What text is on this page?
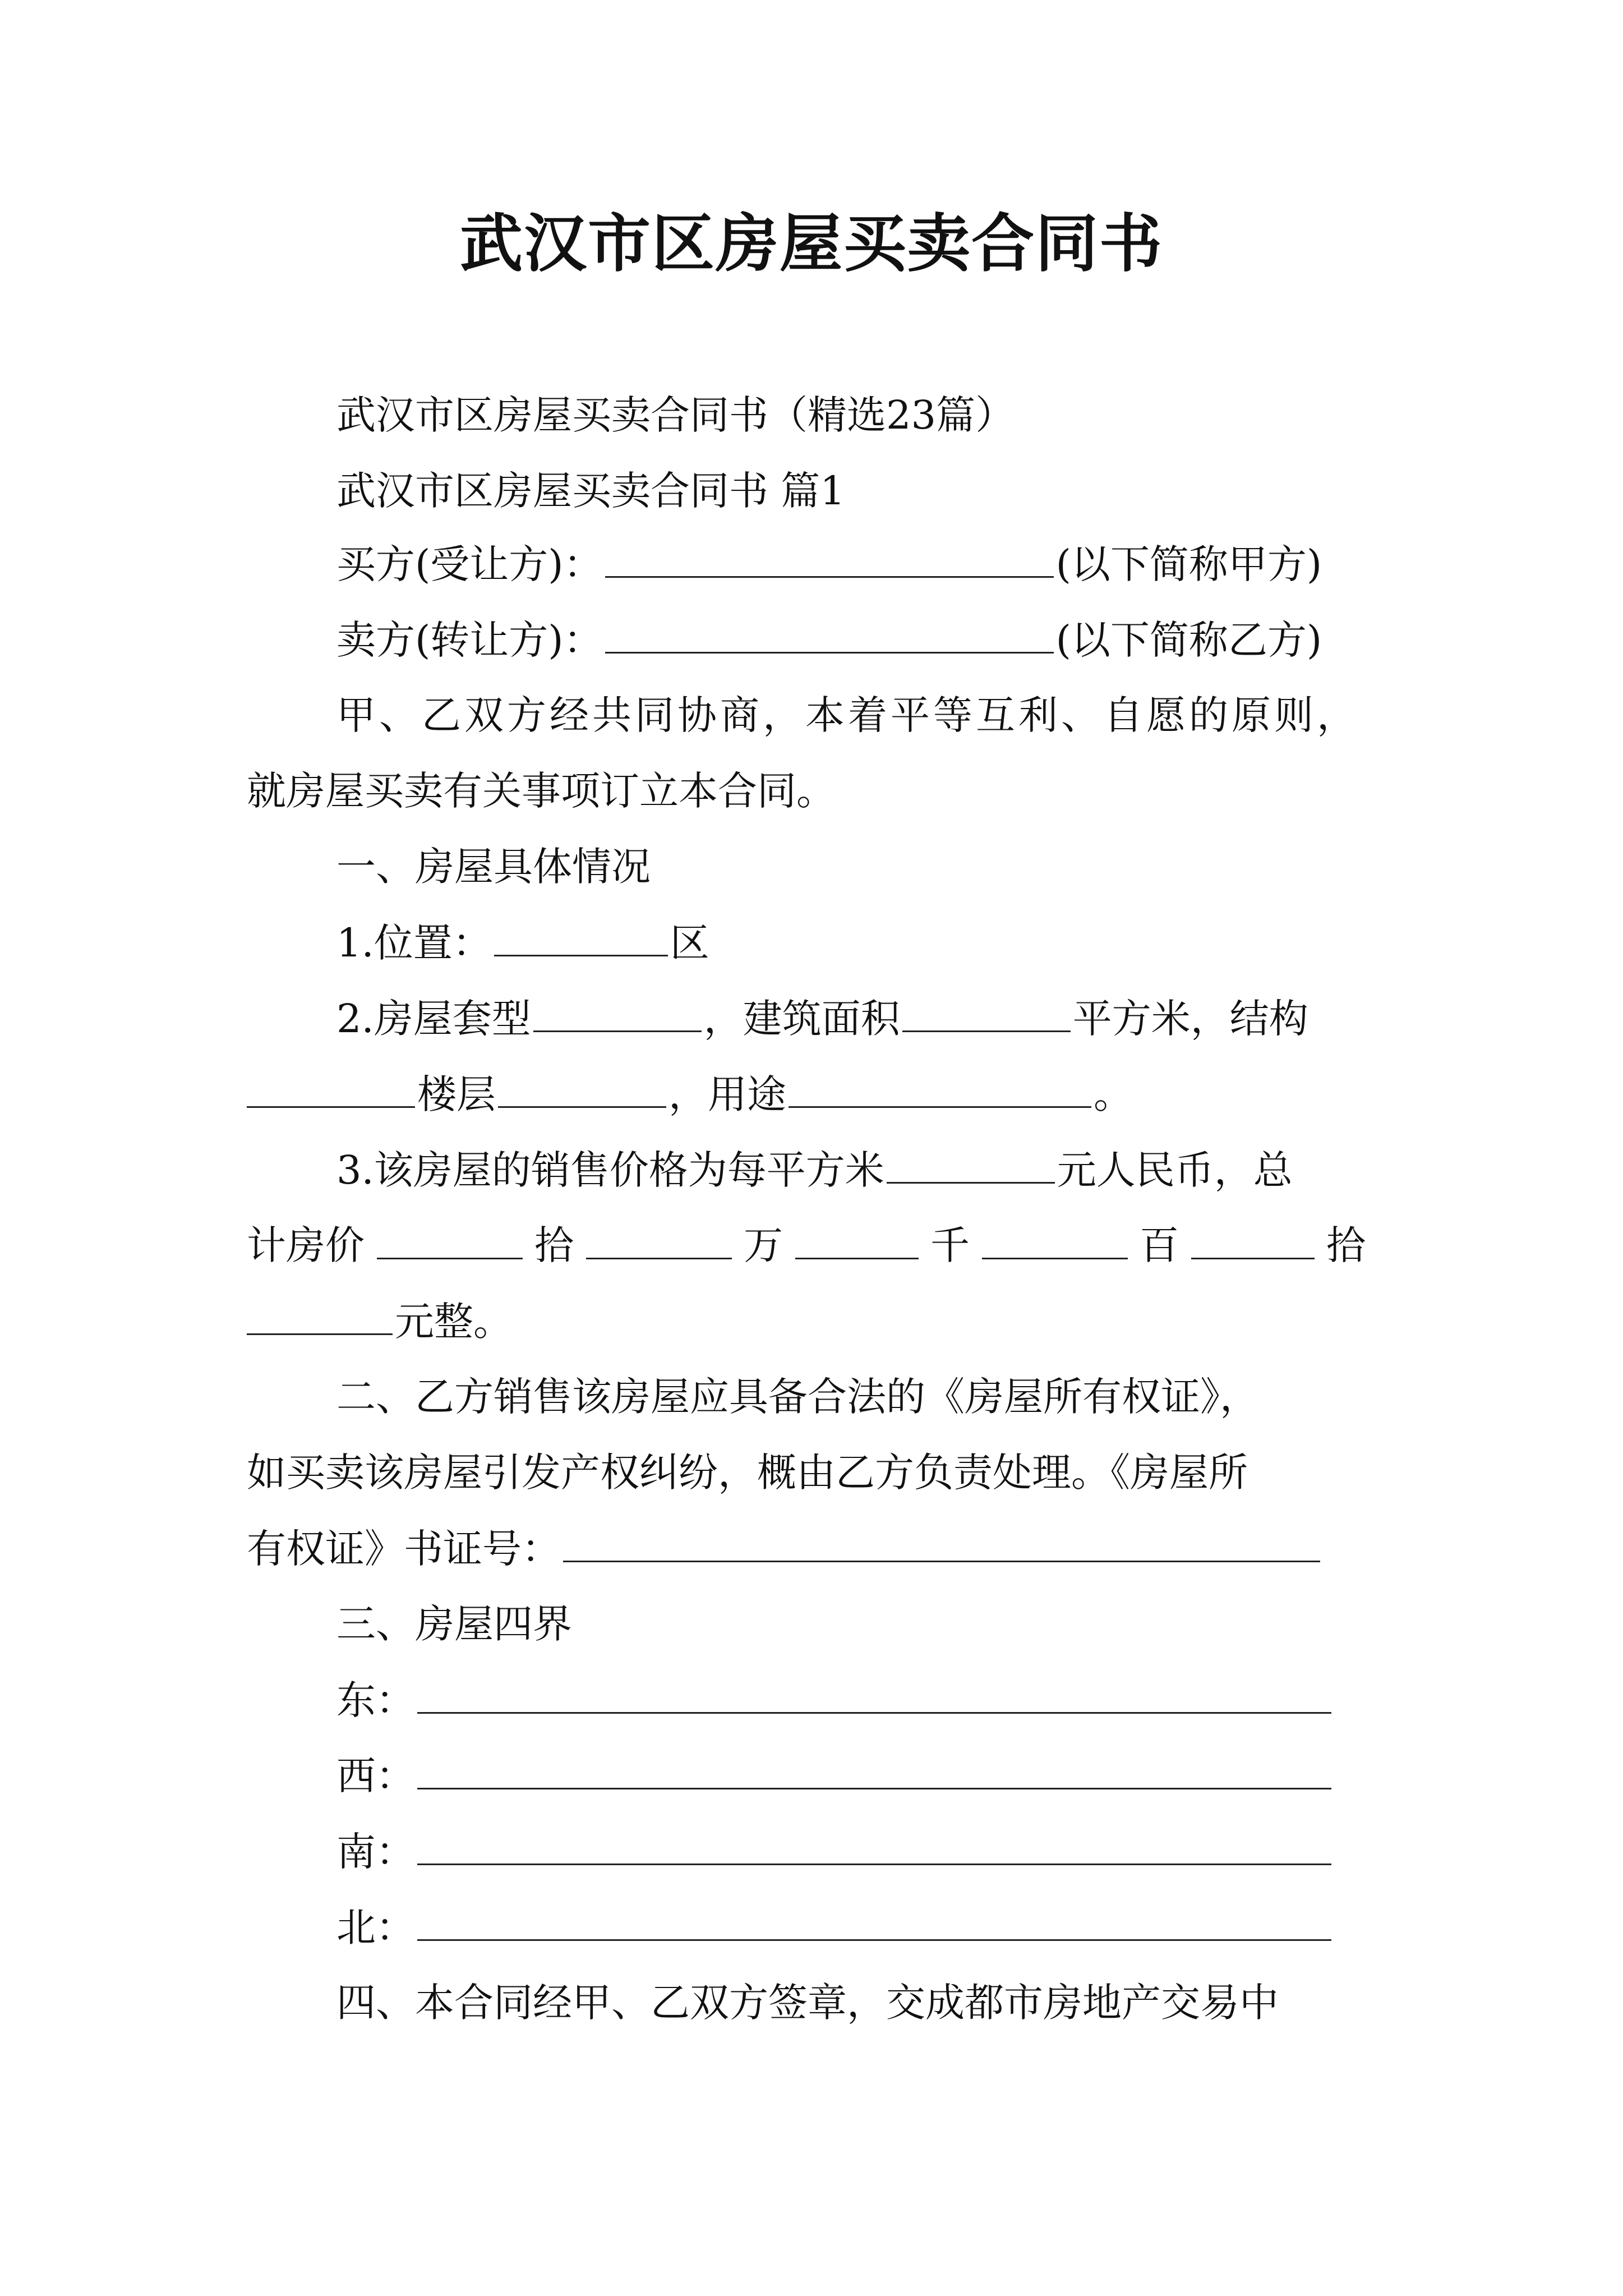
武汉市区房屋买卖合同书
武汉市区房屋买卖合同书（精选23篇）
武汉市区房屋买卖合同书 篇1
买方(受让方)：	(以下简称甲方)
卖方(转让方)：	(以下简称乙方)
甲、乙双方经共同协商，本着平等互利、自愿的原则，
就房屋买卖有关事项订立本合同。
一、房屋具体情况
1.位置：	区
2.房屋套型	，建筑面积	平方米，结构
楼层	，用途	。
3.该房屋的销售价格为每平方米	元人民币，总
计房价	拾	万	千	百	拾
元整。
二、乙方销售该房屋应具备合法的《房屋所有权证》，
如买卖该房屋引发产权纠纷，概由乙方负责处理。《房屋所
有权证》书证号：
三、房屋四界
东：
西：
南：
北：
四、本合同经甲、乙双方签章，交成都市房地产交易中
